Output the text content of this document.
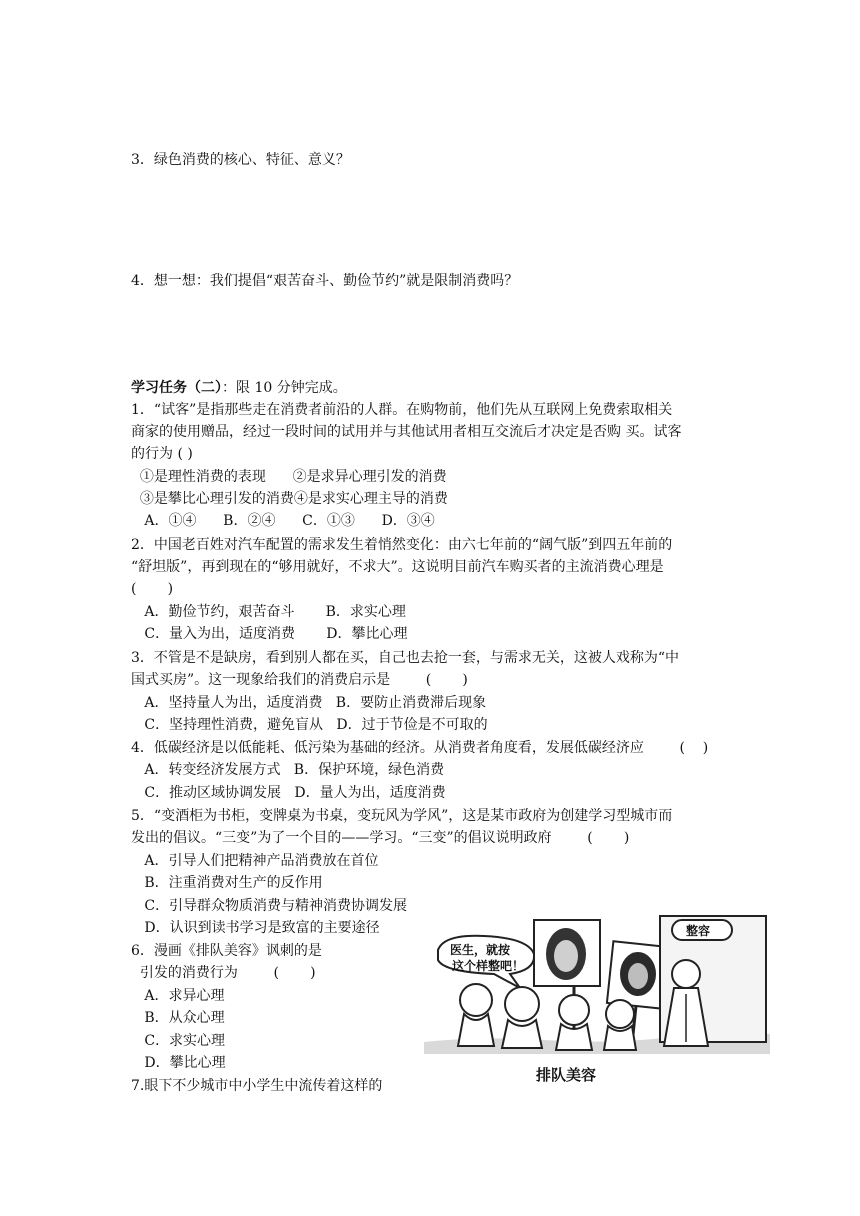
3．绿色消费的核心、特征、意义？
4．想一想：我们提倡“艰苦奋斗、勤俭节约”就是限制消费吗？
学习任务（二）：限 10 分钟完成。
1．“试客”是指那些走在消费者前沿的人群。在购物前，他们先从互联网上免费索取相关
商家的使用赠品，经过一段时间的试用并与其他试用者相互交流后才决定是否购 买。试客
的行为 ( )
①是理性消费的表现      ②是求异心理引发的消费
③是攀比心理引发的消费④是求实心理主导的消费
A．①④      B．②④      C．①③      D．③④
2．中国老百姓对汽车配置的需求发生着悄然变化：由六七年前的“阔气版”到四五年前的
“舒坦版”，再到现在的“够用就好，不求大”。这说明目前汽车购买者的主流消费心理是
(       )
A．勤俭节约，艰苦奋斗       B．求实心理
C．量入为出，适度消费       D．攀比心理
3．不管是不是缺房，看到别人都在买，自己也去抢一套，与需求无关，这被人戏称为“中
国式买房”。这一现象给我们的消费启示是        (       )
A．坚持量人为出，适度消费   B．要防止消费滞后现象
C．坚持理性消费，避免盲从   D．过于节俭是不可取的
4．低碳经济是以低能耗、低污染为基础的经济。从消费者角度看，发展低碳经济应        (    )
A．转变经济发展方式   B．保护环境，绿色消费
C．推动区域协调发展   D．量人为出，适度消费
5．“变酒柜为书柜，变牌桌为书桌，变玩风为学风”，这是某市政府为创建学习型城市而
发出的倡议。“三变”为了一个目的——学习。“三变”的倡议说明政府        (       )
A．引导人们把精神产品消费放在首位
B．注重消费对生产的反作用
C．引导群众物质消费与精神消费协调发展
D．认识到读书学习是致富的主要途径
6．漫画《排队美容》讽刺的是
引发的消费行为        (       )
A．求异心理
B．从众心理
C．求实心理
D．攀比心理
7.眼下不少城市中小学生中流传着这样的
医生，就按
这个样整吧！
整容
排队美容
